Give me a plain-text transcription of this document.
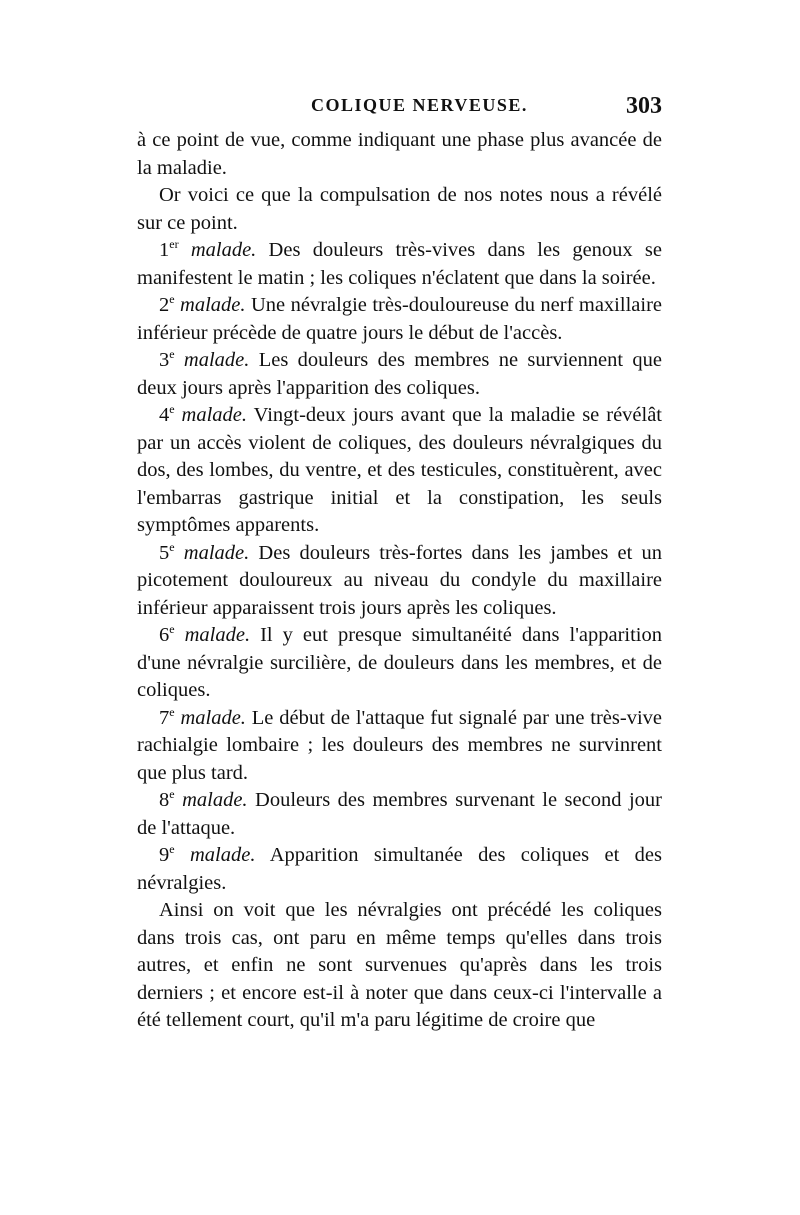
COLIQUE NERVEUSE.	303

à ce point de vue, comme indiquant une phase plus avancée de la maladie.

Or voici ce que la compulsation de nos notes nous a révélé sur ce point.

1er malade. Des douleurs très-vives dans les genoux se manifestent le matin ; les coliques n'éclatent que dans la soirée.

2e malade. Une névralgie très-douloureuse du nerf maxillaire inférieur précède de quatre jours le début de l'accès.

3e malade. Les douleurs des membres ne surviennent que deux jours après l'apparition des coliques.

4e malade. Vingt-deux jours avant que la maladie se révélât par un accès violent de coliques, des douleurs névralgiques du dos, des lombes, du ventre, et des testicules, constituèrent, avec l'embarras gastrique initial et la constipation, les seuls symptômes apparents.

5e malade. Des douleurs très-fortes dans les jambes et un picotement douloureux au niveau du condyle du maxillaire inférieur apparaissent trois jours après les coliques.

6e malade. Il y eut presque simultanéité dans l'apparition d'une névralgie surcilière, de douleurs dans les membres, et de coliques.

7e malade. Le début de l'attaque fut signalé par une très-vive rachialgie lombaire ; les douleurs des membres ne survinrent que plus tard.

8e malade. Douleurs des membres survenant le second jour de l'attaque.

9e malade. Apparition simultanée des coliques et des névralgies.

Ainsi on voit que les névralgies ont précédé les coliques dans trois cas, ont paru en même temps qu'elles dans trois autres, et enfin ne sont survenues qu'après dans les trois derniers ; et encore est-il à noter que dans ceux-ci l'intervalle a été tellement court, qu'il m'a paru légitime de croire que
